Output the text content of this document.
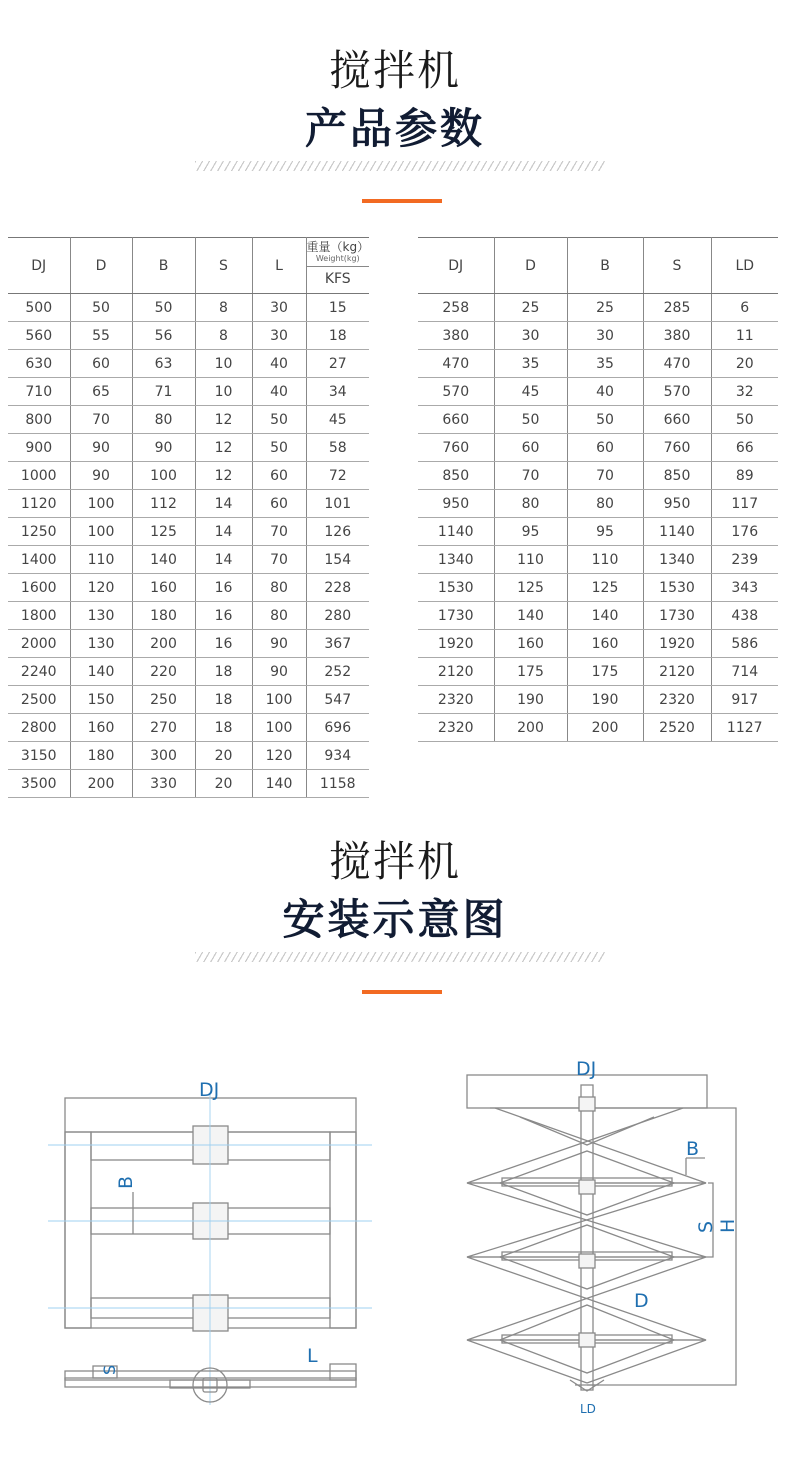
搅拌机
产品参数
DJ	D	B	S	L	重量（kg）
Weight(kg)
KFS

500	50	50	8	30	15
560	55	56	8	30	18
630	60	63	10	40	27
710	65	71	10	40	34
800	70	80	12	50	45
900	90	90	12	50	58
1000	90	100	12	60	72
1120	100	112	14	60	101
1250	100	125	14	70	126
1400	110	140	14	70	154
1600	120	160	16	80	228
1800	130	180	16	80	280
2000	130	200	16	90	367
2240	140	220	18	90	252
2500	150	250	18	100	547
2800	160	270	18	100	696
3150	180	300	20	120	934
3500	200	330	20	140	1158
DJ	D	B	S	LD
258	25	25	285	6
380	30	30	380	11
470	35	35	470	20
570	45	40	570	32
660	50	50	660	50
760	60	60	760	66
850	70	70	850	89
950	80	80	950	117
1140	95	95	1140	176
1340	110	110	1340	239
1530	125	125	1530	343
1730	140	140	1730	438
1920	160	160	1920	586
2120	175	175	2120	714
2320	190	190	2320	917
2320	200	200	2520	1127
搅拌机
安装示意图
DJ
B
S
L
DJ
B
S H
D
LD
